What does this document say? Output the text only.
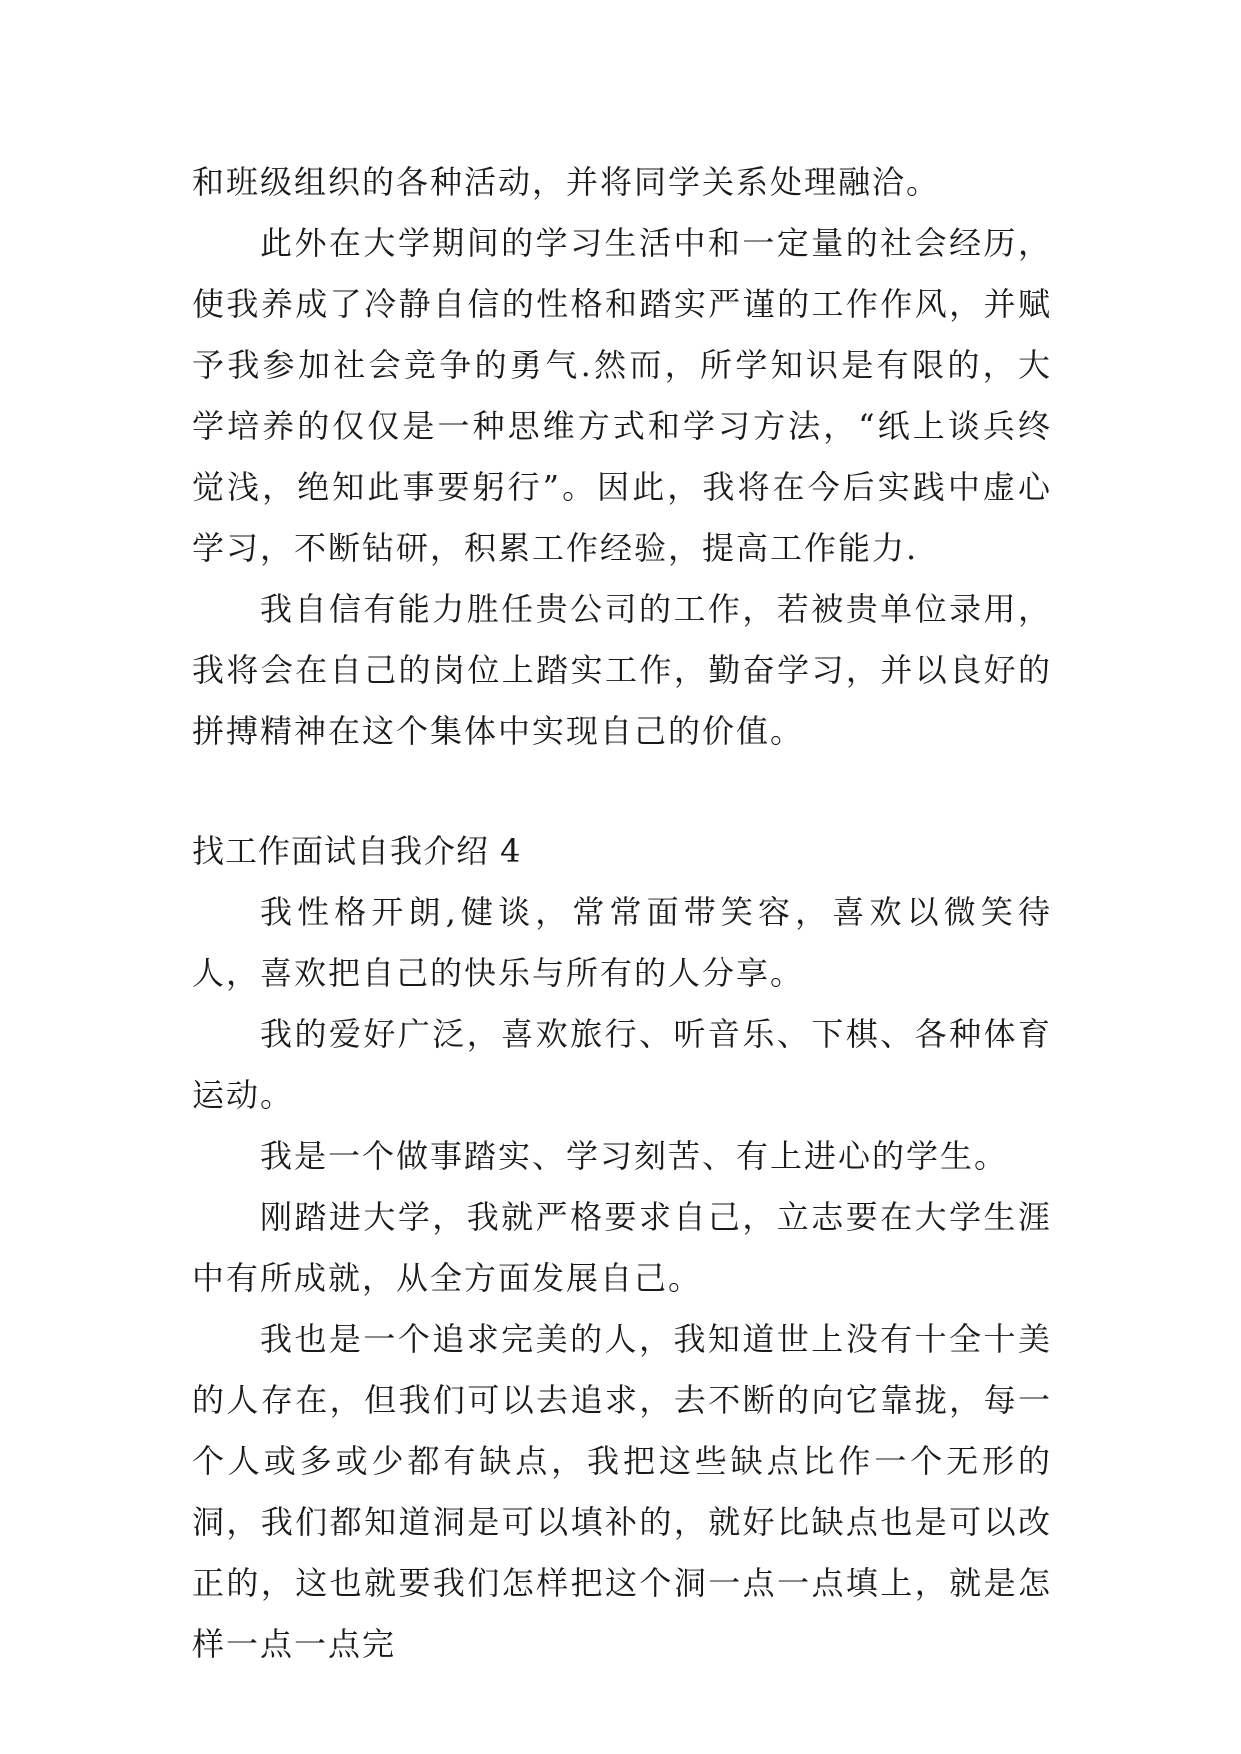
和班级组织的各种活动，并将同学关系处理融洽。

此外在大学期间的学习生活中和一定量的社会经历，使我养成了冷静自信的性格和踏实严谨的工作作风，并赋予我参加社会竞争的勇气.然而，所学知识是有限的，大学培养的仅仅是一种思维方式和学习方法，“纸上谈兵终觉浅，绝知此事要躬行”。因此，我将在今后实践中虚心学习，不断钻研，积累工作经验，提高工作能力.

我自信有能力胜任贵公司的工作，若被贵单位录用，我将会在自己的岗位上踏实工作，勤奋学习，并以良好的拼搏精神在这个集体中实现自己的价值。

找工作面试自我介绍 4

我性格开朗,健谈，常常面带笑容，喜欢以微笑待人，喜欢把自己的快乐与所有的人分享。

我的爱好广泛，喜欢旅行、听音乐、下棋、各种体育运动。

我是一个做事踏实、学习刻苦、有上进心的学生。

刚踏进大学，我就严格要求自己，立志要在大学生涯中有所成就，从全方面发展自己。

我也是一个追求完美的人，我知道世上没有十全十美的人存在，但我们可以去追求，去不断的向它靠拢，每一个人或多或少都有缺点，我把这些缺点比作一个无形的洞，我们都知道洞是可以填补的，就好比缺点也是可以改正的，这也就要我们怎样把这个洞一点一点填上，就是怎样一点一点完
